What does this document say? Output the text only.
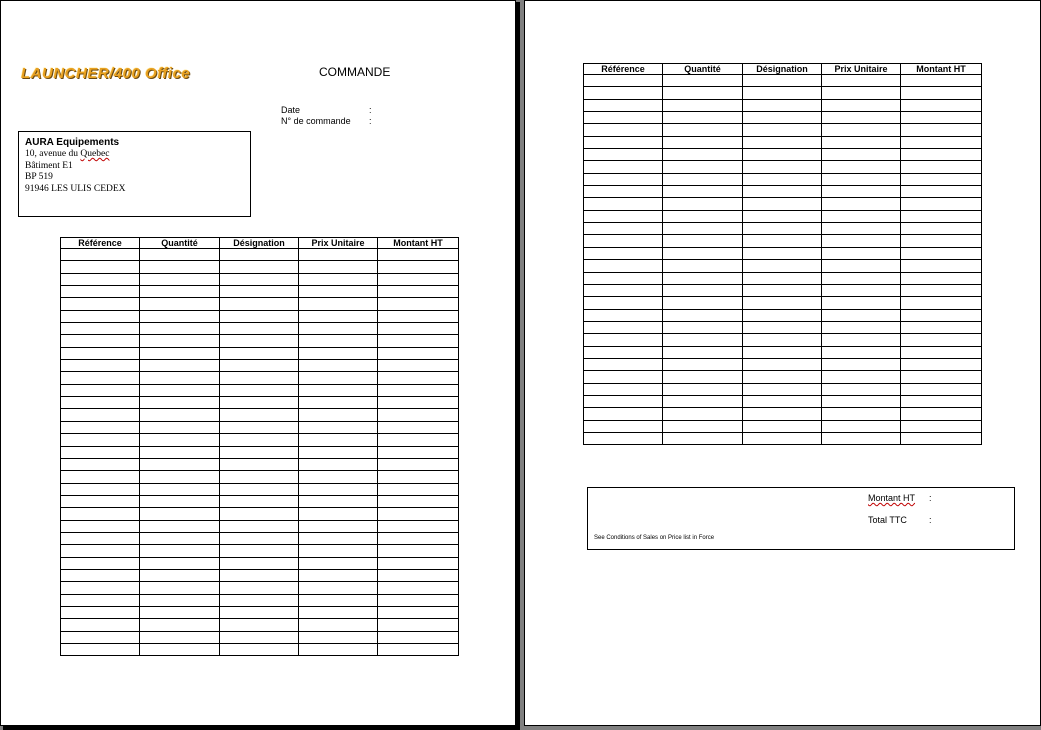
LAUNCHER/400 Office	COMMANDE
Date	:
N° de commande :
AURA Equipements
10, avenue du Quebec
Bâtiment E1
BP 519
91946 LES ULIS CEDEX
Référence	Quantité	Désignation	Prix Unitaire	Montant HT

Référence	Quantité	Désignation	Prix Unitaire	Montant HT

Montant HT :
Total TTC :
See Conditions of Sales on Price list in Force
